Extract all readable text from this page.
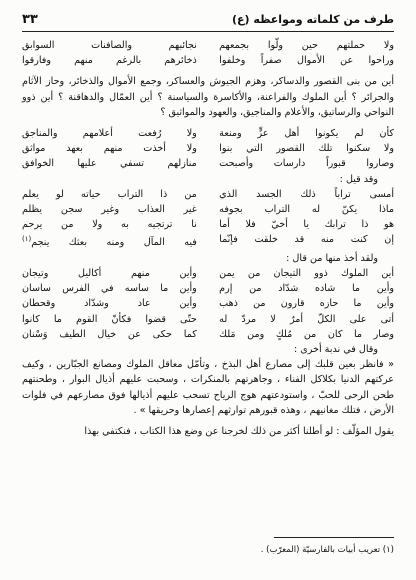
طرف من كلماته ومواعظه (ع)
٣٣
ولا حملتهم حين ولّوا بجمعهم
نجائبهم والصافنات السوابق
وراحوا عن الأموال صفراً وخلفوا
ذخائرهم بالرغم منهم وفارقوا

أين من بنى القصور والدساكر، وهزم الجيوش والعساكر، وجمع الأموال والذخائر، وحاز الآثام والجرائر ؟ أين الملوك والفراعنة، والأكاسرة والسياسنة ؟ أين العمّال والدهاقنة ؟ أين ذوو النواحي والرساتيق، والأعلام والمناجيق، والعهود والمواثيق ؟

كأن لم يكونوا أهل عزٍّ ومنعة
ولا رُفعت أعلامهم والمناجق
ولا سكنوا تلك القصور التي بنوا
ولا أخذت منهم بعهد مواثق
وصاروا قبوراً دارسات وأصبحت
منازلهم تسفي عليها الخوافق
وقد قيل :
أمسى تراباً ذلك الجسد الذي
من ذا التراب حياته لو يعلم
ماذا يكنّ له التراب بجوفه
غير العذاب وغير سجن يظلم
هو ذا ترابك يا أخيّ فلا أما
نا ترتجيه به ولا من يرحم
إن كنت منه قد خلقت فإنّما
فيه المآل ومنه بعثك ينجم$^{(١)}$
ولقد أخذ منها من قال :
أين الملوك ذوو التيجان من يمن
وأين منهم أكاليل وتيجان
وأين ما شاده شدّاد من إرم
وأين ما ساسه في الفرس ساسان
وأين ما حازه قارون من ذهب
وأين عاد وشدّاد وقحطان
أتى على الكلّ أمرٌ لا مردّ له
حتّى قضوا فكأنّ القوم ما كانوا
وصار ما كان من مُلكٍ ومن مَلك
كما حكى عن خيال الطيف وَسْنان
وقال في ندبة أخرى :

« فانظر بعين قلبك إلى مصارع أهل البذخ ، وتأمّل معاقل الملوك ومصانع الجبّارين ، وكيف عركتهم الدنيا بكلاكل الفناء ، وجاهرتهم بالمنكرات ، وسحبت عليهم أذيال البوار ، وطحنتهم طحن الرحى للحبّ ، واستودعتهم هوج الرياح تسحب عليهم أذيالها فوق مصارعهم في فلوات الأرض ، فتلك مغانيهم ، وهذه قبورهم توارثهم إعصارها وحريقها » .

يقول المؤلّف : لو أطلنا أكثر من ذلك لخرجنا عن وضع هذا الكتاب ، فنكتفي بهذا

(١) تعريب أبيات بالفارسيّة (المعرّب) .
